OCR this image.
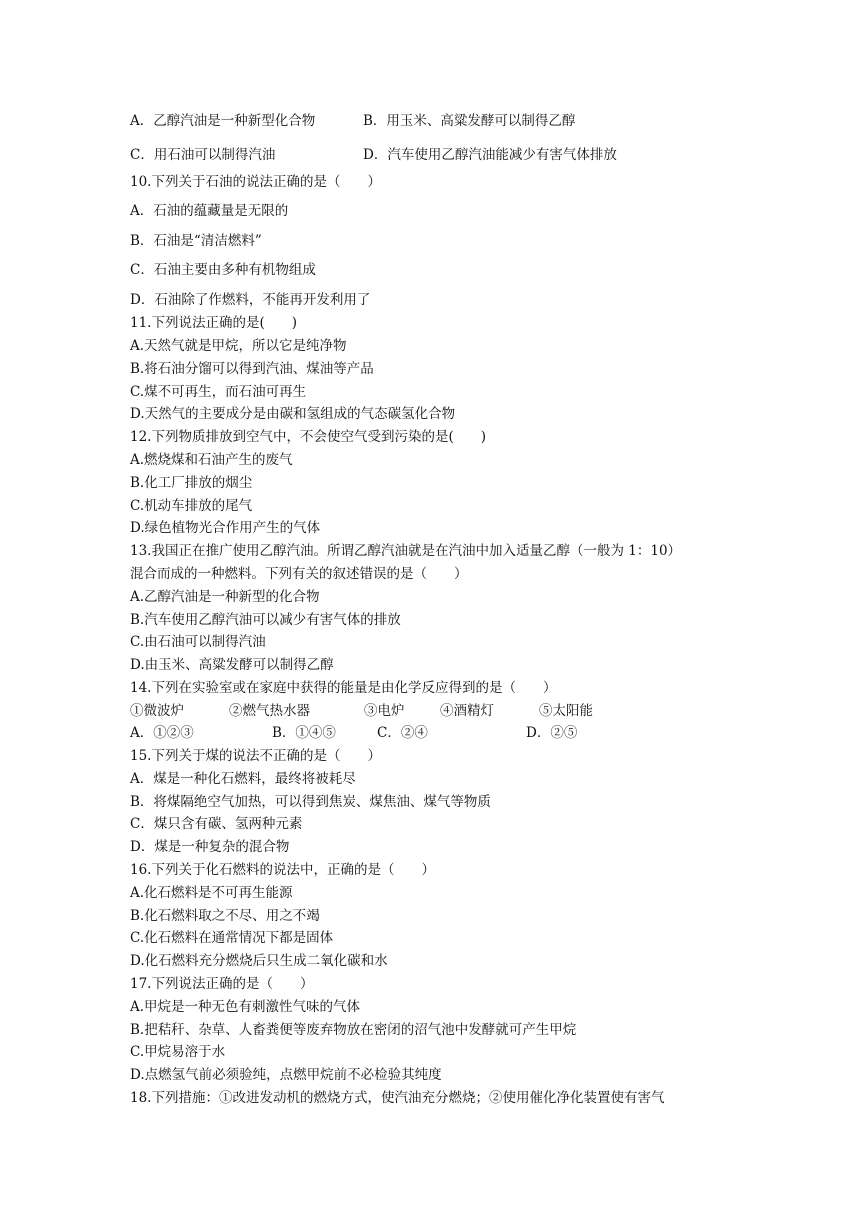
A．乙醇汽油是一种新型化合物	B．用玉米、高粱发酵可以制得乙醇
C．用石油可以制得汽油	D．汽车使用乙醇汽油能减少有害气体排放
10.下列关于石油的说法正确的是（　　）
A．石油的蕴藏量是无限的
B．石油是“清洁燃料”
C．石油主要由多种有机物组成
D．石油除了作燃料，不能再开发利用了
11.下列说法正确的是(　　)
A.天然气就是甲烷，所以它是纯净物
B.将石油分馏可以得到汽油、煤油等产品
C.煤不可再生，而石油可再生
D.天然气的主要成分是由碳和氢组成的气态碳氢化合物
12.下列物质排放到空气中，不会使空气受到污染的是(　　)
A.燃烧煤和石油产生的废气
B.化工厂排放的烟尘
C.机动车排放的尾气
D.绿色植物光合作用产生的气体
13.我国正在推广使用乙醇汽油。所谓乙醇汽油就是在汽油中加入适量乙醇（一般为 1：10）
混合而成的一种燃料。下列有关的叙述错误的是（　　）
A.乙醇汽油是一种新型的化合物
B.汽车使用乙醇汽油可以减少有害气体的排放
C.由石油可以制得汽油
D.由玉米、高粱发酵可以制得乙醇
14.下列在实验室或在家庭中获得的能量是由化学反应得到的是（　　）
①微波炉	②燃气热水器	③电炉	④酒精灯	⑤太阳能
A．①②③	B．①④⑤	C．②④	D．②⑤
15.下列关于煤的说法不正确的是（　　）
A．煤是一种化石燃料，最终将被耗尽
B．将煤隔绝空气加热，可以得到焦炭、煤焦油、煤气等物质
C．煤只含有碳、氢两种元素
D．煤是一种复杂的混合物
16.下列关于化石燃料的说法中，正确的是（　　）
A.化石燃料是不可再生能源
B.化石燃料取之不尽、用之不竭
C.化石燃料在通常情况下都是固体
D.化石燃料充分燃烧后只生成二氧化碳和水
17.下列说法正确的是（　　）
A.甲烷是一种无色有刺激性气味的气体
B.把秸秆、杂草、人畜粪便等废弃物放在密闭的沼气池中发酵就可产生甲烷
C.甲烷易溶于水
D.点燃氢气前必须验纯，点燃甲烷前不必检验其纯度
18.下列措施：①改进发动机的燃烧方式，使汽油充分燃烧；②使用催化净化装置使有害气
